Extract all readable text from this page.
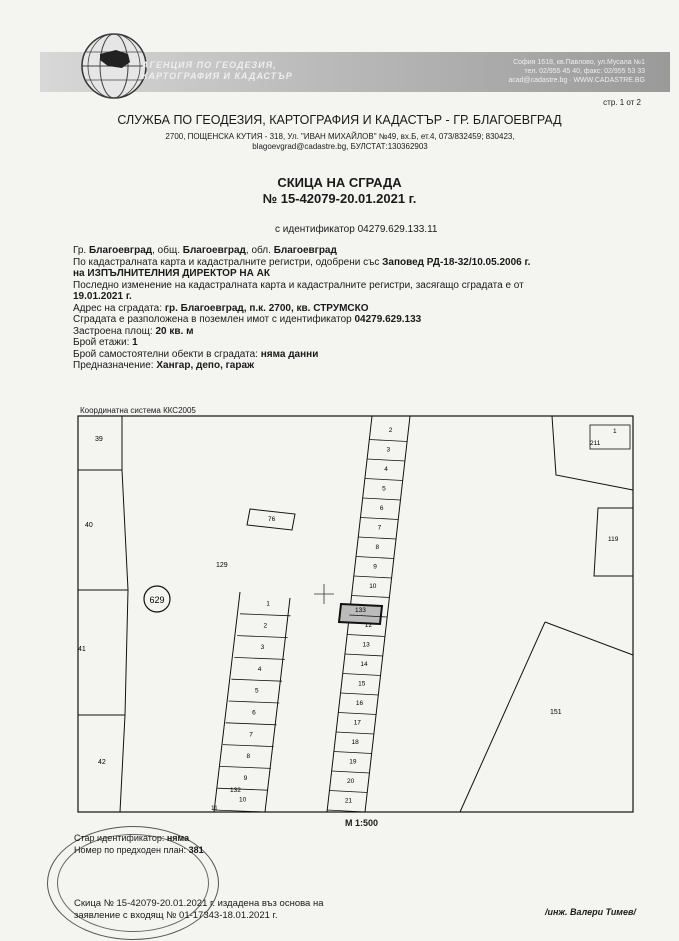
АГЕНЦИЯ ПО ГЕОДЕЗИЯ,
КАРТОГРАФИЯ И КАДАСТЪР
София 1618, кв.Павлово, ул.Мусала №1
тел. 02/955 45 40, факс: 02/955 53 33
acad@cadastre.bg · WWW.CADASTRE.BG
стр. 1 от 2
СЛУЖБА ПО ГЕОДЕЗИЯ, КАРТОГРАФИЯ И КАДАСТЪР - ГР. БЛАГОЕВГРАД
2700, ПОЩЕНСКА КУТИЯ - 318, Ул. "ИВАН МИХАЙЛОВ" №49, вх.Б, ет.4, 073/832459; 830423,
blagoevgrad@cadastre.bg, БУЛСТАТ:130362903
СКИЦА НА СГРАДА
№ 15-42079-20.01.2021 г.
с идентификатор 04279.629.133.11
Гр. Благоевград, общ. Благоевград, обл. Благоевград
По кадастралната карта и кадастралните регистри, одобрени със Заповед РД-18-32/10.05.2006 г.
на ИЗПЪЛНИТЕЛНИЯ ДИРЕКТОР НА АК
Последно изменение на кадастралната карта и кадастралните регистри, засягащо сградата е от
19.01.2021 г.
Адрес на сградата: гр. Благоевград, п.к. 2700, кв. СТРУМСКО
Сградата е разположена в поземлен имот с идентификатор 04279.629.133
Застроена площ: 20 кв. м
Брой етажи: 1
Брой самостоятелни обекти в сградата: няма данни
Предназначение: Хангар, депо, гараж
Координатна система ККС2005
2
3
4
5
6
7
8
9
10
12
13
14
15
16
17
18
19
20
21
1
2
3
4
5
6
7
8
9
10
629
39
40
41
42
76
129
211
1
119
151
132
11
133
М 1:500
Стар идентификатор: няма
Номер по предходен план: 381
Скица № 15-42079-20.01.2021 г. издадена въз основа на
заявление с входящ № 01-17343-18.01.2021 г.	/инж. Валери Тимев/
